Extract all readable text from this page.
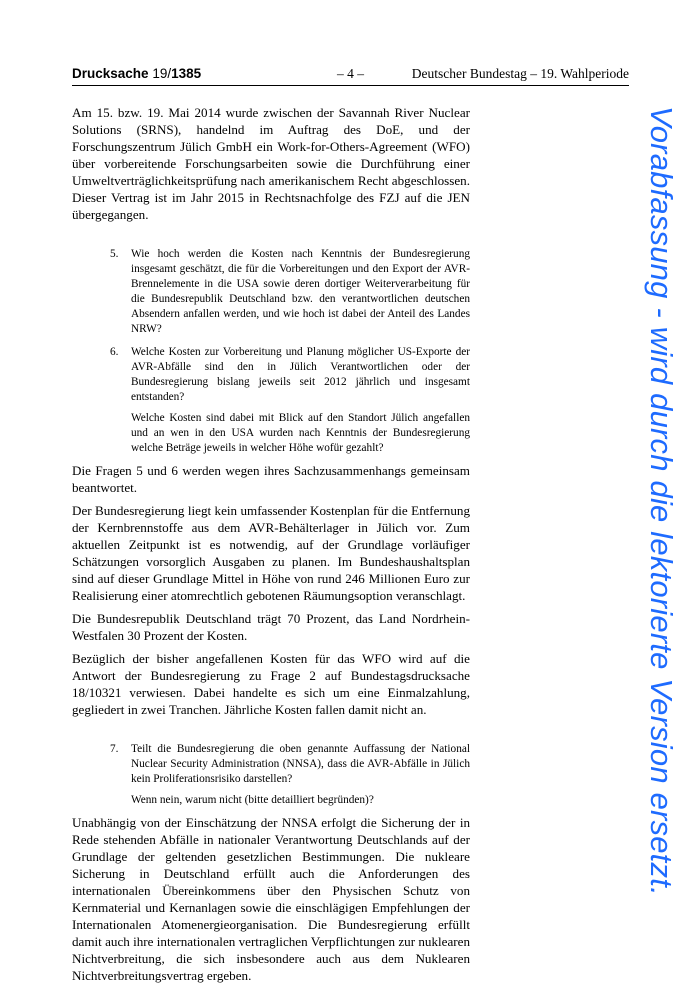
Drucksache 19/1385	– 4 –	Deutscher Bundestag – 19. Wahlperiode

Am 15. bzw. 19. Mai 2014 wurde zwischen der Savannah River Nuclear Solutions (SRNS), handelnd im Auftrag des DoE, und der Forschungszentrum Jülich GmbH ein Work-for-Others-Agreement (WFO) über vorbereitende Forschungsarbeiten sowie die Durchführung einer Umweltverträglichkeitsprüfung nach amerikanischem Recht abgeschlossen. Dieser Vertrag ist im Jahr 2015 in Rechtsnachfolge des FZJ auf die JEN übergegangen.

5. Wie hoch werden die Kosten nach Kenntnis der Bundesregierung insgesamt geschätzt, die für die Vorbereitungen und den Export der AVR-Brennelemente in die USA sowie deren dortiger Weiterverarbeitung für die Bundesrepublik Deutschland bzw. den verantwortlichen deutschen Absendern anfallen werden, und wie hoch ist dabei der Anteil des Landes NRW?

6. Welche Kosten zur Vorbereitung und Planung möglicher US-Exporte der AVR-Abfälle sind den in Jülich Verantwortlichen oder der Bundesregierung bislang jeweils seit 2012 jährlich und insgesamt entstanden?

Welche Kosten sind dabei mit Blick auf den Standort Jülich angefallen und an wen in den USA wurden nach Kenntnis der Bundesregierung welche Beträge jeweils in welcher Höhe wofür gezahlt?

Die Fragen 5 und 6 werden wegen ihres Sachzusammenhangs gemeinsam beantwortet.

Der Bundesregierung liegt kein umfassender Kostenplan für die Entfernung der Kernbrennstoffe aus dem AVR-Behälterlager in Jülich vor. Zum aktuellen Zeitpunkt ist es notwendig, auf der Grundlage vorläufiger Schätzungen vorsorglich Ausgaben zu planen. Im Bundeshaushaltsplan sind auf dieser Grundlage Mittel in Höhe von rund 246 Millionen Euro zur Realisierung einer atomrechtlich gebotenen Räumungsoption veranschlagt.

Die Bundesrepublik Deutschland trägt 70 Prozent, das Land Nordrhein-Westfalen 30 Prozent der Kosten.

Bezüglich der bisher angefallenen Kosten für das WFO wird auf die Antwort der Bundesregierung zu Frage 2 auf Bundestagsdrucksache 18/10321 verwiesen. Dabei handelte es sich um eine Einmalzahlung, gegliedert in zwei Tranchen. Jährliche Kosten fallen damit nicht an.

7. Teilt die Bundesregierung die oben genannte Auffassung der National Nuclear Security Administration (NNSA), dass die AVR-Abfälle in Jülich kein Proliferationsrisiko darstellen?

Wenn nein, warum nicht (bitte detailliert begründen)?

Unabhängig von der Einschätzung der NNSA erfolgt die Sicherung der in Rede stehenden Abfälle in nationaler Verantwortung Deutschlands auf der Grundlage der geltenden gesetzlichen Bestimmungen. Die nukleare Sicherung in Deutschland erfüllt auch die Anforderungen des internationalen Übereinkommens über den Physischen Schutz von Kernmaterial und Kernanlagen sowie die einschlägigen Empfehlungen der Internationalen Atomenergieorganisation. Die Bundesregierung erfüllt damit auch ihre internationalen vertraglichen Verpflichtungen zur nuklearen Nichtverbreitung, die sich insbesondere auch aus dem Nuklearen Nichtverbreitungsvertrag ergeben.

Vorabfassung - wird durch die lektorierte Version ersetzt.
